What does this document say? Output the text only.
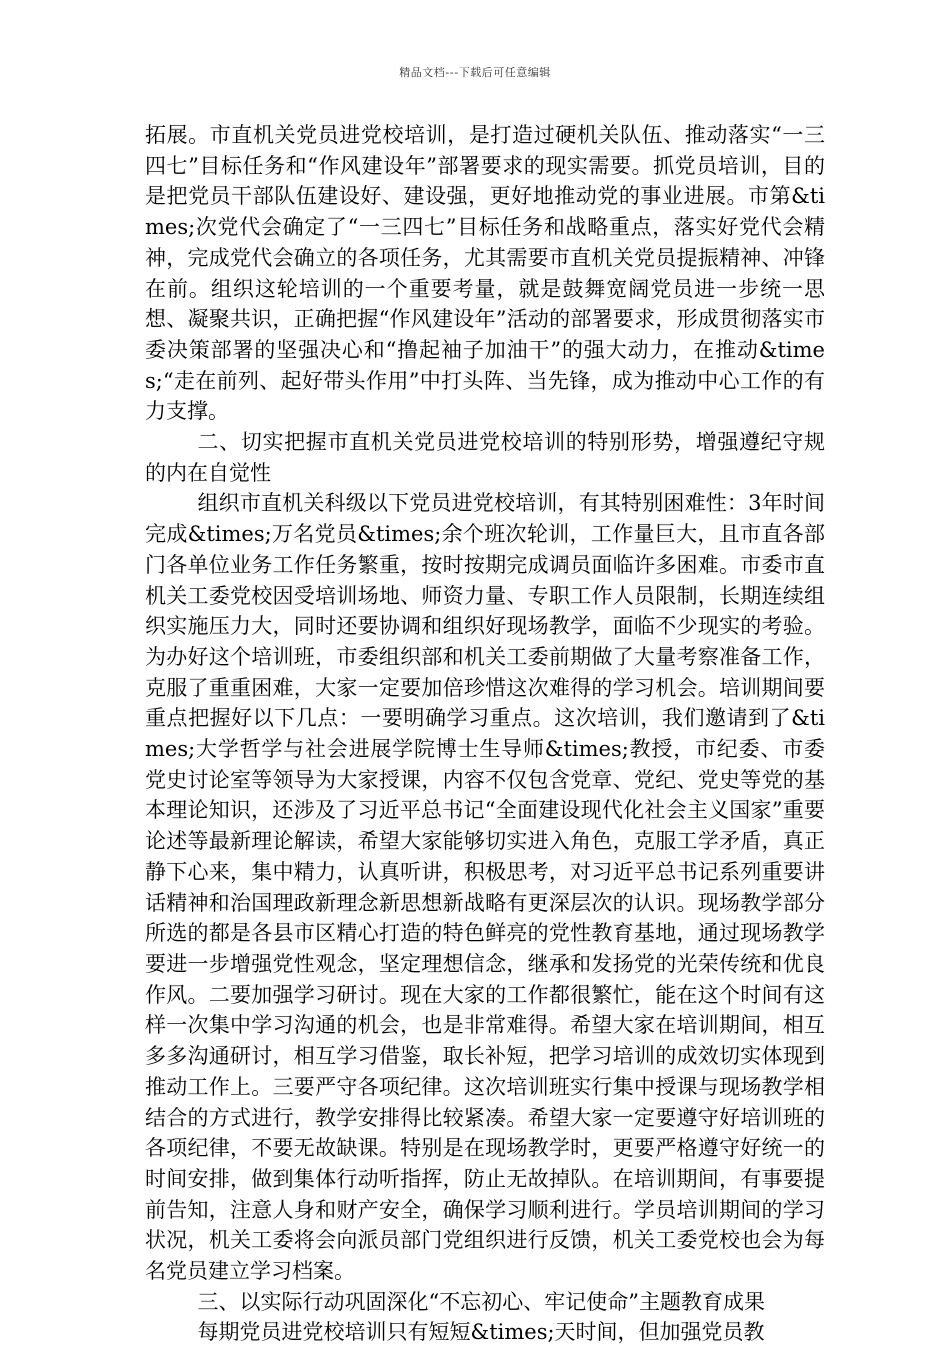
精品文档---下载后可任意编辑

拓展。市直机关党员进党校培训，是打造过硬机关队伍、推动落实“一三四七”目标任务和“作风建设年”部署要求的现实需要。抓党员培训，目的是把党员干部队伍建设好、建设强，更好地推动党的事业进展。市第&times;次党代会确定了“一三四七”目标任务和战略重点，落实好党代会精神，完成党代会确立的各项任务，尤其需要市直机关党员提振精神、冲锋在前。组织这轮培训的一个重要考量，就是鼓舞宽阔党员进一步统一思想、凝聚共识，正确把握“作风建设年”活动的部署要求，形成贯彻落实市委决策部署的坚强决心和“撸起袖子加油干”的强大动力，在推动&times;“走在前列、起好带头作用”中打头阵、当先锋，成为推动中心工作的有力支撑。

二、切实把握市直机关党员进党校培训的特别形势，增强遵纪守规的内在自觉性

组织市直机关科级以下党员进党校培训，有其特别困难性：3年时间完成&times;万名党员&times;余个班次轮训，工作量巨大，且市直各部门各单位业务工作任务繁重，按时按期完成调员面临许多困难。市委市直机关工委党校因受培训场地、师资力量、专职工作人员限制，长期连续组织实施压力大，同时还要协调和组织好现场教学，面临不少现实的考验。为办好这个培训班，市委组织部和机关工委前期做了大量考察准备工作，克服了重重困难，大家一定要加倍珍惜这次难得的学习机会。培训期间要重点把握好以下几点：一要明确学习重点。这次培训，我们邀请到了&times;大学哲学与社会进展学院博士生导师&times;教授，市纪委、市委党史讨论室等领导为大家授课，内容不仅包含党章、党纪、党史等党的基本理论知识，还涉及了习近平总书记“全面建设现代化社会主义国家”重要论述等最新理论解读，希望大家能够切实进入角色，克服工学矛盾，真正静下心来，集中精力，认真听讲，积极思考，对习近平总书记系列重要讲话精神和治国理政新理念新思想新战略有更深层次的认识。现场教学部分所选的都是各县市区精心打造的特色鲜亮的党性教育基地，通过现场教学要进一步增强党性观念，坚定理想信念，继承和发扬党的光荣传统和优良作风。二要加强学习研讨。现在大家的工作都很繁忙，能在这个时间有这样一次集中学习沟通的机会，也是非常难得。希望大家在培训期间，相互多多沟通研讨，相互学习借鉴，取长补短，把学习培训的成效切实体现到推动工作上。三要严守各项纪律。这次培训班实行集中授课与现场教学相结合的方式进行，教学安排得比较紧凑。希望大家一定要遵守好培训班的各项纪律，不要无故缺课。特别是在现场教学时，更要严格遵守好统一的时间安排，做到集体行动听指挥，防止无故掉队。在培训期间，有事要提前告知，注意人身和财产安全，确保学习顺利进行。学员培训期间的学习状况，机关工委将会向派员部门党组织进行反馈，机关工委党校也会为每名党员建立学习档案。

三、以实际行动巩固深化“不忘初心、牢记使命”主题教育成果

每期党员进党校培训只有短短&times;天时间，但加强党员教
